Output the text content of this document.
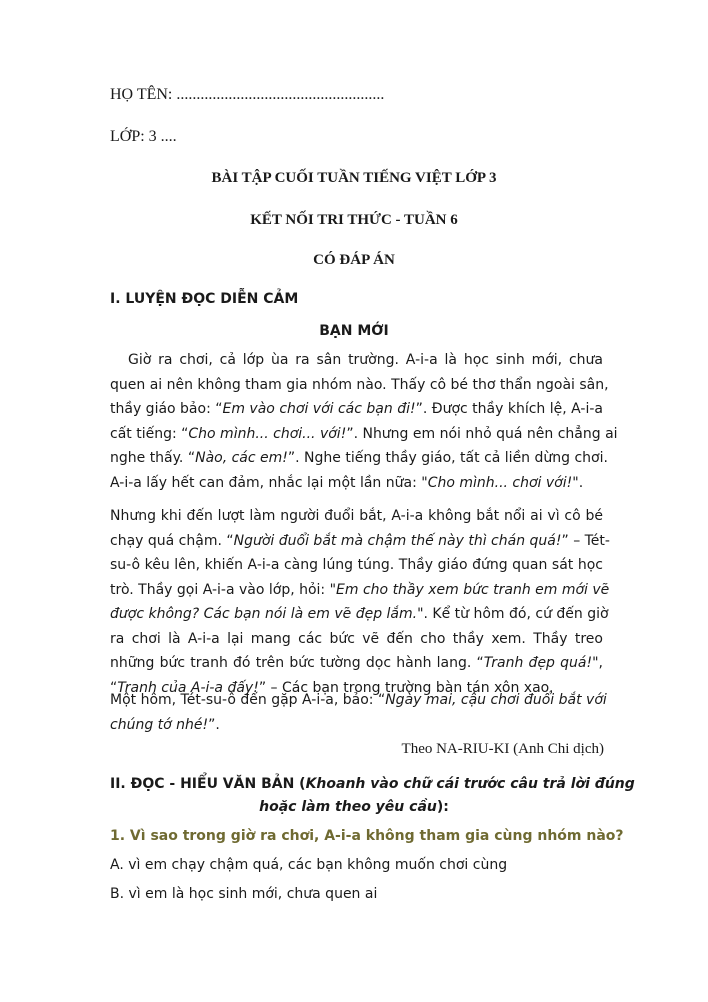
HỌ TÊN: ....................................................
LỚP: 3 ....
BÀI TẬP CUỐI TUẦN TIẾNG VIỆT LỚP 3
KẾT NỐI TRI THỨC - TUẦN 6
CÓ ĐÁP ÁN
I. LUYỆN ĐỌC DIỄN CẢM
BẠN MỚI
Giờ ra chơi, cả lớp ùa ra sân trường. A-i-a là học sinh mới, chưa
quen ai nên không tham gia nhóm nào. Thấy cô bé thơ thẩn ngoài sân,
thầy giáo bảo: “Em vào chơi với các bạn đi!”. Được thầy khích lệ, A-i-a
cất tiếng: “Cho mình... chơi... với!”. Nhưng em nói nhỏ quá nên chẳng ai
nghe thấy. “Nào, các em!”. Nghe tiếng thầy giáo, tất cả liền dừng chơi.
A-i-a lấy hết can đảm, nhắc lại một lần nữa: "Cho mình... chơi với!".
Nhưng khi đến lượt làm người đuổi bắt, A-i-a không bắt nổi ai vì cô bé
chạy quá chậm. “Người đuổi bắt mà chậm thế này thì chán quá!” – Tét-
su-ô kêu lên, khiến A-i-a càng lúng túng. Thầy giáo đứng quan sát học
trò. Thầy gọi A-i-a vào lớp, hỏi: "Em cho thầy xem bức tranh em mới vẽ
được không? Các bạn nói là em vẽ đẹp lắm.". Kể từ hôm đó, cứ đến giờ
ra chơi là A-i-a lại mang các bức vẽ đến cho thầy xem. Thầy treo
những bức tranh đó trên bức tường dọc hành lang. “Tranh đẹp quá!",
“Tranh của A-i-a đấy!” – Các bạn trong trường bàn tán xôn xao.
Một hôm, Tét-su-ô đến gặp A-i-a, bảo: “Ngày mai, cậu chơi đuổi bắt với
chúng tớ nhé!”.
Theo NA-RIU-KI (Anh Chi dịch)
II. ĐỌC - HIỂU VĂN BẢN (Khoanh vào chữ cái trước câu trả lời đúng
hoặc làm theo yêu cầu):
1. Vì sao trong giờ ra chơi, A-i-a không tham gia cùng nhóm nào?
A. vì em chạy chậm quá, các bạn không muốn chơi cùng
B. vì em là học sinh mới, chưa quen ai
